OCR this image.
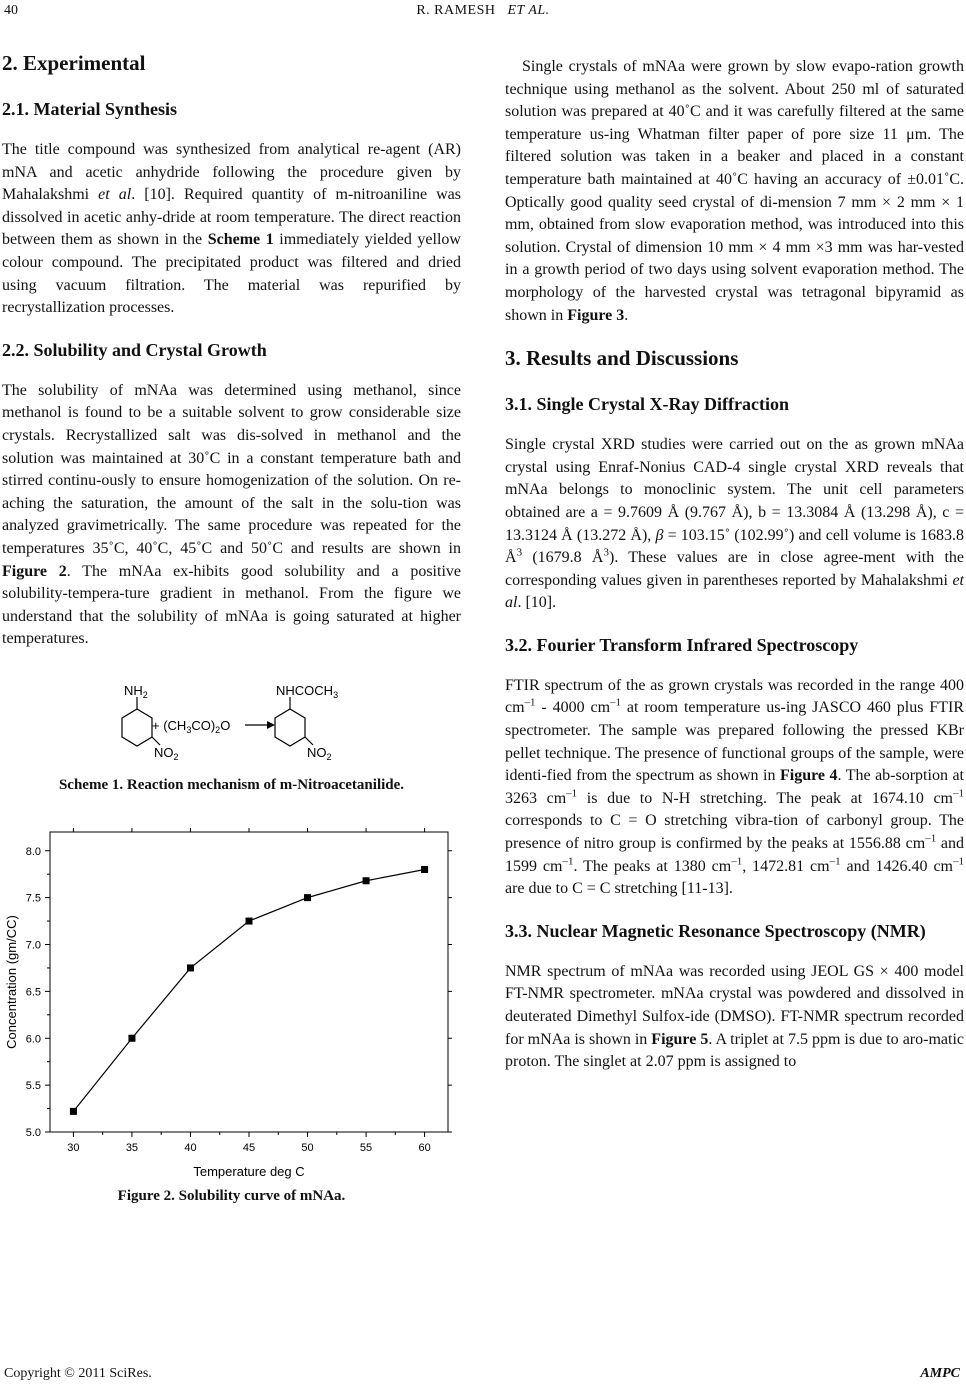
40	R. RAMESH ET AL.
2. Experimental
2.1. Material Synthesis

The title compound was synthesized from analytical re-agent (AR) mNA and acetic anhydride following the procedure given by Mahalakshmi et al. [10]. Required quantity of m-nitroaniline was dissolved in acetic anhy-dride at room temperature. The direct reaction between them as shown in the Scheme 1 immediately yielded yellow colour compound. The precipitated product was filtered and dried using vacuum filtration. The material was repurified by recrystallization processes.

2.2. Solubility and Crystal Growth

The solubility of mNAa was determined using methanol, since methanol is found to be a suitable solvent to grow considerable size crystals. Recrystallized salt was dis-solved in methanol and the solution was maintained at 30˚C in a constant temperature bath and stirred continu-ously to ensure homogenization of the solution. On re-aching the saturation, the amount of the salt in the solu-tion was analyzed gravimetrically. The same procedure was repeated for the temperatures 35˚C, 40˚C, 45˚C and 50˚C and results are shown in Figure 2. The mNAa ex-hibits good solubility and a positive solubility-tempera-ture gradient in methanol. From the figure we understand that the solubility of mNAa is going saturated at higher temperatures.

$NH_2$
$NO_2$
+ $(CH_3CO)_2O$
$NHCOCH_3$
$NO_2$
Scheme 1. Reaction mechanism of m-Nitroacetanilide.
30	35	40	45	50	55	60
5.0
5.5
6.0
6.5
7.0
7.5
8.0
Temperature deg C
Concentration (gm/CC)
Figure 2. Solubility curve of mNAa.

Single crystals of mNAa were grown by slow evapo-ration growth technique using methanol as the solvent. About 250 ml of saturated solution was prepared at 40˚C and it was carefully filtered at the same temperature us-ing Whatman filter paper of pore size 11 μm. The filtered solution was taken in a beaker and placed in a constant temperature bath maintained at 40˚C having an accuracy of ±0.01˚C. Optically good quality seed crystal of di-mension 7 mm × 2 mm × 1 mm, obtained from slow evaporation method, was introduced into this solution. Crystal of dimension 10 mm × 4 mm ×3 mm was har-vested in a growth period of two days using solvent evaporation method. The morphology of the harvested crystal was tetragonal bipyramid as shown in Figure 3.

3. Results and Discussions
3.1. Single Crystal X-Ray Diffraction

Single crystal XRD studies were carried out on the as grown mNAa crystal using Enraf-Nonius CAD-4 single crystal XRD reveals that mNAa belongs to monoclinic system. The unit cell parameters obtained are a = 9.7609 Å (9.767 Å), b = 13.3084 Å (13.298 Å), c = 13.3124 Å (13.272 Å), β = 103.15˚ (102.99˚) and cell volume is 1683.8 $Å^3$ (1679.8 $Å^3$). These values are in close agree-ment with the corresponding values given in parentheses reported by Mahalakshmi et al. [10].

3.2. Fourier Transform Infrared Spectroscopy

FTIR spectrum of the as grown crystals was recorded in the range 400 $cm^{-1} - 4000$ $cm^{-1}$ at room temperature us-ing JASCO 460 plus FTIR spectrometer. The sample was prepared following the pressed KBr pellet technique. The presence of functional groups of the sample, were identi-fied from the spectrum as shown in Figure 4. The ab-sorption at 3263 $cm^{-1}$ is due to N-H stretching. The peak at 1674.10 $cm^{-1}$ corresponds to C = O stretching vibra-tion of carbonyl group. The presence of nitro group is confirmed by the peaks at 1556.88 $cm^{-1}$ and 1599 $cm^{-1}$. The peaks at 1380 $cm^{-1}$, 1472.81 $cm^{-1}$ and 1426.40 $cm^{-1}$ are due to C = C stretching [11-13].

3.3. Nuclear Magnetic Resonance Spectroscopy (NMR)

NMR spectrum of mNAa was recorded using JEOL GS × 400 model FT-NMR spectrometer. mNAa crystal was powdered and dissolved in deuterated Dimethyl Sulfox-ide (DMSO). FT-NMR spectrum recorded for mNAa is shown in Figure 5. A triplet at 7.5 ppm is due to aro-matic proton. The singlet at 2.07 ppm is assigned to

Copyright © 2011 SciRes.	AMPC
